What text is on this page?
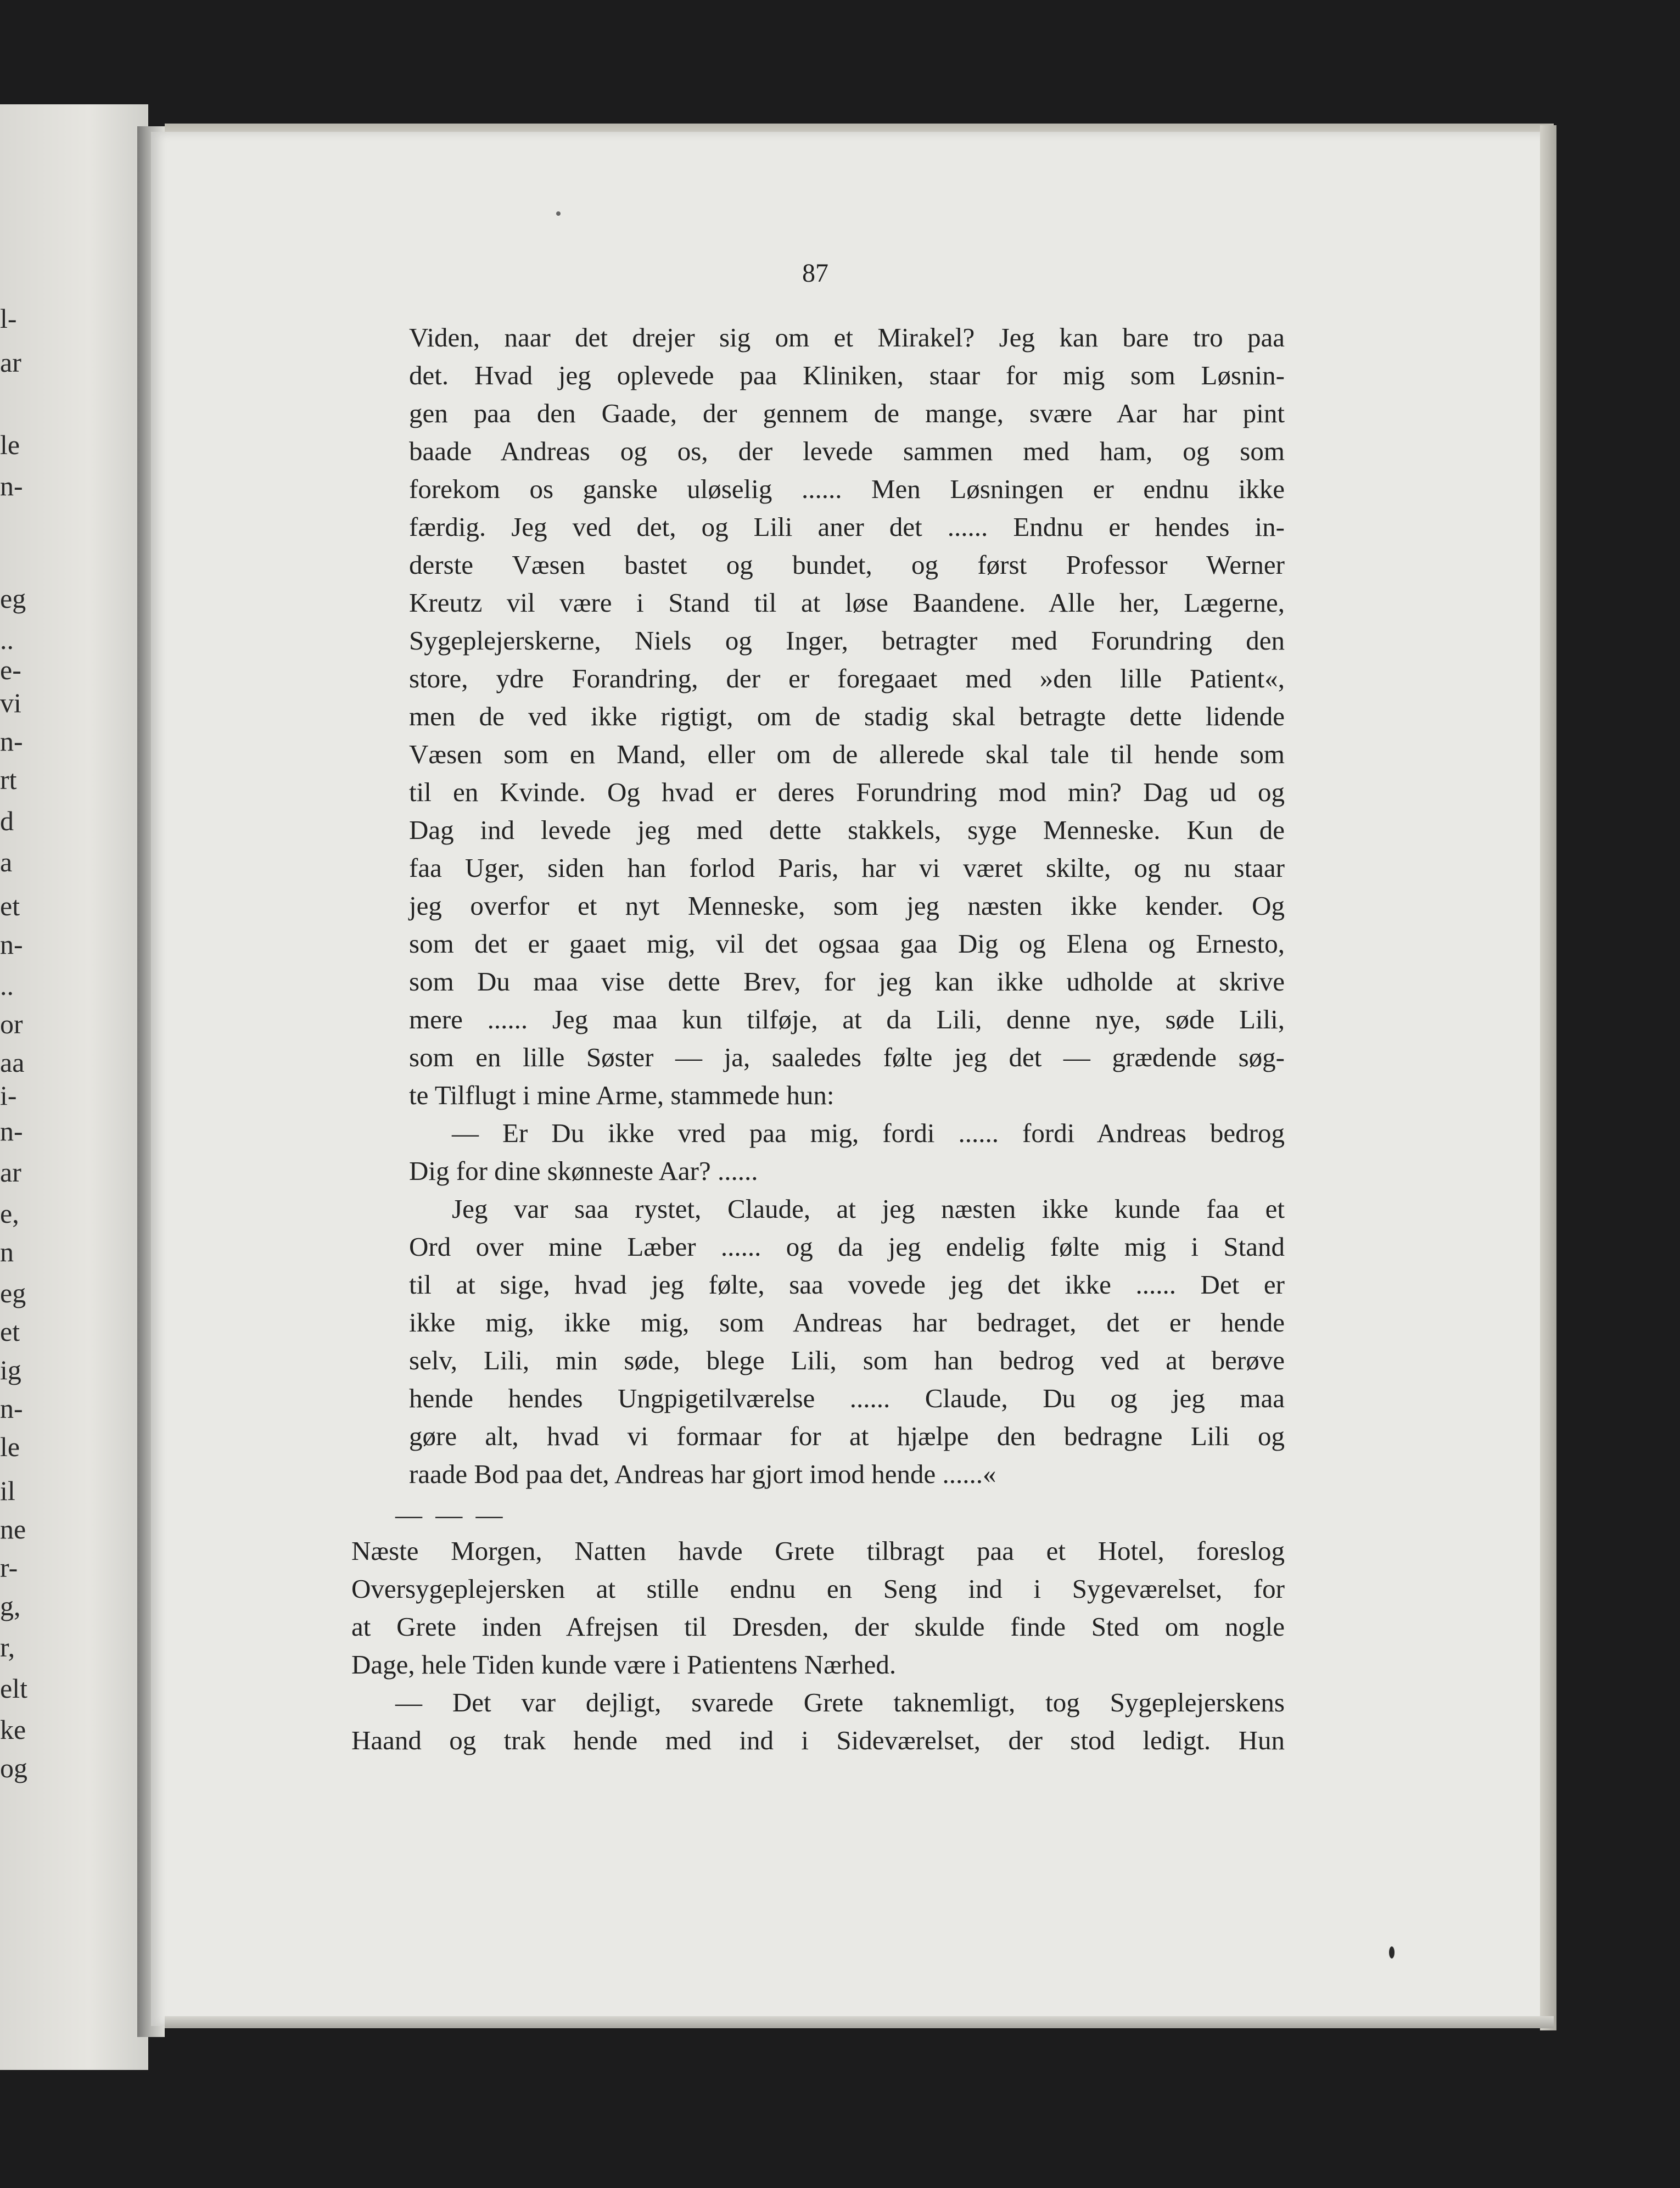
l-
ar
le
n-
eg
..
e-
vi
n-
rt
d
a
et
n-
..
or
aa
i-
n-
ar
e,
n
eg
et
ig
n-
le
il
ne
r-
g,
r,
elt
ke
og
87
Viden, naar det drejer sig om et Mirakel? Jeg kan bare tro paa
det. Hvad jeg oplevede paa Kliniken, staar for mig som Løsnin-
gen paa den Gaade, der gennem de mange, svære Aar har pint
baade Andreas og os, der levede sammen med ham, og som
forekom os ganske uløselig ...... Men Løsningen er endnu ikke
færdig. Jeg ved det, og Lili aner det ...... Endnu er hendes in-
derste Væsen bastet og bundet, og først Professor Werner
Kreutz vil være i Stand til at løse Baandene. Alle her, Lægerne,
Sygeplejerskerne, Niels og Inger, betragter med Forundring den
store, ydre Forandring, der er foregaaet med »den lille Patient«,
men de ved ikke rigtigt, om de stadig skal betragte dette lidende
Væsen som en Mand, eller om de allerede skal tale til hende som
til en Kvinde. Og hvad er deres Forundring mod min? Dag ud og
Dag ind levede jeg med dette stakkels, syge Menneske. Kun de
faa Uger, siden han forlod Paris, har vi været skilte, og nu staar
jeg overfor et nyt Menneske, som jeg næsten ikke kender. Og
som det er gaaet mig, vil det ogsaa gaa Dig og Elena og Ernesto,
som Du maa vise dette Brev, for jeg kan ikke udholde at skrive
mere ...... Jeg maa kun tilføje, at da Lili, denne nye, søde Lili,
som en lille Søster — ja, saaledes følte jeg det — grædende søg-
te Tilflugt i mine Arme, stammede hun:
— Er Du ikke vred paa mig, fordi ...... fordi Andreas bedrog
Dig for dine skønneste Aar? ......
Jeg var saa rystet, Claude, at jeg næsten ikke kunde faa et
Ord over mine Læber ...... og da jeg endelig følte mig i Stand
til at sige, hvad jeg følte, saa vovede jeg det ikke ...... Det er
ikke mig, ikke mig, som Andreas har bedraget, det er hende
selv, Lili, min søde, blege Lili, som han bedrog ved at berøve
hende hendes Ungpigetilværelse ...... Claude, Du og jeg maa
gøre alt, hvad vi formaar for at hjælpe den bedragne Lili og
raade Bod paa det, Andreas har gjort imod hende ......«
— — —
Næste Morgen, Natten havde Grete tilbragt paa et Hotel, foreslog
Oversygeplejersken at stille endnu en Seng ind i Sygeværelset, for
at Grete inden Afrejsen til Dresden, der skulde finde Sted om nogle
Dage, hele Tiden kunde være i Patientens Nærhed.
— Det var dejligt, svarede Grete taknemligt, tog Sygeplejerskens
Haand og trak hende med ind i Sideværelset, der stod ledigt. Hun
